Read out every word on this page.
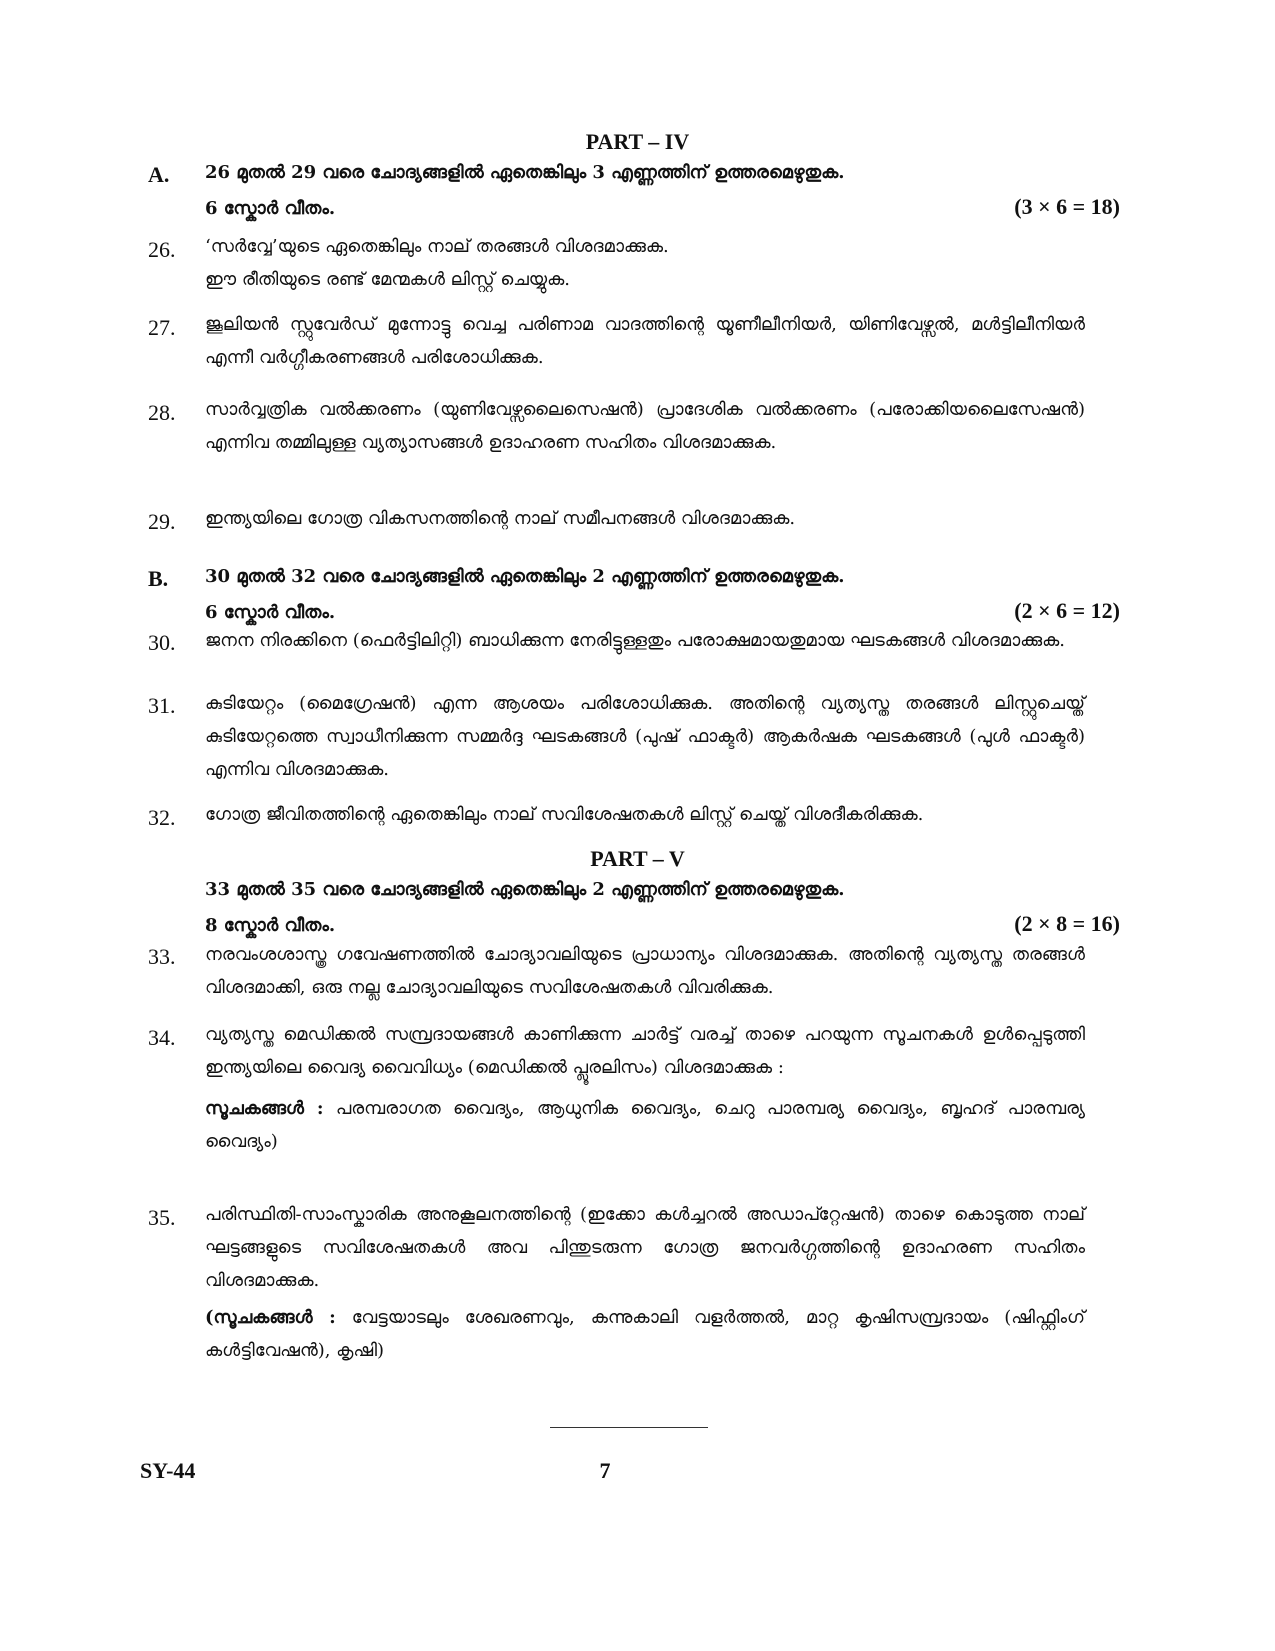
PART – IV
A. 26 മുതൽ 29 വരെ ചോദ്യങ്ങളിൽ ഏതെങ്കിലും 3 എണ്ണത്തിന് ഉത്തരമെഴുതുക.
6 സ്കോർ വീതം.	(3 × 6 = 18)
26. ‘സർവ്വേ’യുടെ ഏതെങ്കിലും നാല് തരങ്ങൾ വിശദമാക്കുക.
ഈ രീതിയുടെ രണ്ട് മേന്മകൾ ലിസ്റ്റ് ചെയ്യുക.
27. ജൂലിയൻ സ്റ്റുവേർഡ് മുന്നോട്ടു വെച്ച പരിണാമ വാദത്തിന്റെ യൂണീലീനിയർ, യിണിവേഴ്സൽ, മൾട്ടിലീനിയർ എന്നീ വർഗ്ഗീകരണങ്ങൾ പരിശോധിക്കുക.
28. സാർവ്വത്രിക വൽക്കരണം (യുണിവേഴ്സലൈസെഷൻ) പ്രാദേശിക വൽക്കരണം (പരോക്കിയലൈസേഷൻ) എന്നിവ തമ്മിലുള്ള വ്യത്യാസങ്ങൾ ഉദാഹരണ സഹിതം വിശദമാക്കുക.
29. ഇന്ത്യയിലെ ഗോത്ര വികസനത്തിന്റെ നാല് സമീപനങ്ങൾ വിശദമാക്കുക.
B. 30 മുതൽ 32 വരെ ചോദ്യങ്ങളിൽ ഏതെങ്കിലും 2 എണ്ണത്തിന് ഉത്തരമെഴുതുക.
6 സ്കോർ വീതം.	(2 × 6 = 12)
30. ജനന നിരക്കിനെ (ഫെർട്ടിലിറ്റി) ബാധിക്കുന്ന നേരിട്ടുള്ളതും പരോക്ഷമായതുമായ ഘടകങ്ങൾ വിശദമാക്കുക.
31. കുടിയേറ്റം (മൈഗ്രേഷൻ) എന്ന ആശയം പരിശോധിക്കുക. അതിന്റെ വ്യത്യസ്ത തരങ്ങൾ ലിസ്റ്റുചെയ്ത് കുടിയേറ്റത്തെ സ്വാധീനിക്കുന്ന സമ്മർദ്ദ ഘടകങ്ങൾ (പുഷ് ഫാക്ടർ) ആകർഷക ഘടകങ്ങൾ (പുൾ ഫാക്ടർ) എന്നിവ വിശദമാക്കുക.
32. ഗോത്ര ജീവിതത്തിന്റെ ഏതെങ്കിലും നാല് സവിശേഷതകൾ ലിസ്റ്റ് ചെയ്ത് വിശദീകരിക്കുക.
PART – V
33 മുതൽ 35 വരെ ചോദ്യങ്ങളിൽ ഏതെങ്കിലും 2 എണ്ണത്തിന് ഉത്തരമെഴുതുക.
8 സ്കോർ വീതം.	(2 × 8 = 16)
33. നരവംശശാസ്ത്ര ഗവേഷണത്തിൽ ചോദ്യാവലിയുടെ പ്രാധാന്യം വിശദമാക്കുക. അതിന്റെ വ്യത്യസ്ത തരങ്ങൾ വിശദമാക്കി, ഒരു നല്ല ചോദ്യാവലിയുടെ സവിശേഷതകൾ വിവരിക്കുക.
34. വ്യത്യസ്ത മെഡിക്കൽ സമ്പ്രദായങ്ങൾ കാണിക്കുന്ന ചാർട്ട് വരച്ച് താഴെ പറയുന്ന സൂചനകൾ ഉൾപ്പെടുത്തി ഇന്ത്യയിലെ വൈദ്യ വൈവിധ്യം (മെഡിക്കൽ പ്ലൂരലിസം) വിശദമാക്കുക :
സൂചകങ്ങൾ : പരമ്പരാഗത വൈദ്യം, ആധുനിക വൈദ്യം, ചെറു പാരമ്പര്യ വൈദ്യം, ബൃഹദ് പാരമ്പര്യ വൈദ്യം)
35. പരിസ്ഥിതി-സാംസ്കാരിക അനുകൂലനത്തിന്റെ (ഇക്കോ കൾച്ചറൽ അഡാപ്റ്റേഷൻ) താഴെ കൊടുത്ത നാല് ഘട്ടങ്ങളുടെ സവിശേഷതകൾ അവ പിന്തുടരുന്ന ഗോത്ര ജനവർഗ്ഗത്തിന്റെ ഉദാഹരണ സഹിതം വിശദമാക്കുക.
(സൂചകങ്ങൾ : വേട്ടയാടലും ശേഖരണവും, കന്നുകാലി വളർത്തൽ, മാറ്റ കൃഷിസമ്പ്രദായം (ഷിഫ്റ്റിംഗ് കൾട്ടിവേഷൻ), കൃഷി)
SY-44	7
